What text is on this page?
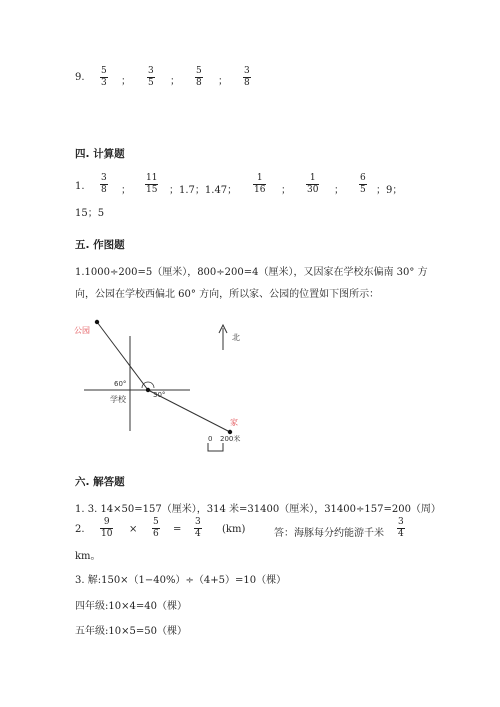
9. $\frac{5}{3}$ ； $\frac{3}{5}$ ； $\frac{5}{8}$ ； $\frac{3}{8}$
四. 计算题
1. $\frac{3}{8}$ ； $\frac{11}{15}$ ；1.7；1.47； $\frac{1}{16}$ ； $\frac{1}{30}$ ； $\frac{6}{5}$ ；9；
15；5
五. 作图题
1.1000÷200=5（厘米），800÷200=4（厘米），又因家在学校东偏南 30° 方
向，公园在学校西偏北 60° 方向，所以家、公园的位置如下图所示：
公园
北
60°
30°
学校
家
0 200米
六. 解答题
1. 3. 14×50=157（厘米），314 米=31400（厘米），31400÷157=200（周）
2. $\frac{9}{10} \times \frac{5}{6} = \frac{3}{4} (km)$	答：海豚每分约能游千米 $\frac{3}{4}$
km。
3. 解:150×（1−40%）÷（4+5）=10（棵）
四年级:10×4=40（棵）
五年级:10×5=50（棵）
